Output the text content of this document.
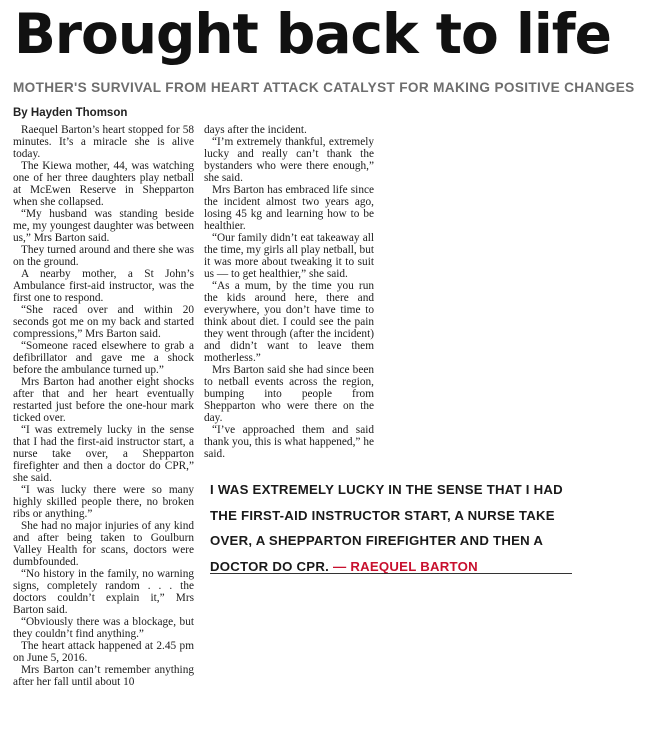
Brought back to life
MOTHER'S SURVIVAL FROM HEART ATTACK CATALYST FOR MAKING POSITIVE CHANGES
By Hayden Thomson

Raequel Barton’s heart stopped for 58 minutes. It’s a miracle she is alive today.

The Kiewa mother, 44, was watching one of her three daughters play netball at McEwen Reserve in Shepparton when she collapsed.

“My husband was standing beside me, my youngest daughter was between us,” Mrs Barton said.

They turned around and there she was on the ground.

A nearby mother, a St John’s Ambulance first-aid instructor, was the first one to respond.

“She raced over and within 20 seconds got me on my back and started compressions,” Mrs Barton said.

“Someone raced elsewhere to grab a defibrillator and gave me a shock before the ambulance turned up.”

Mrs Barton had another eight shocks after that and her heart eventually restarted just before the one-hour mark ticked over.

“I was extremely lucky in the sense that I had the first-aid instructor start, a nurse take over, a Shepparton firefighter and then a doctor do CPR,” she said.

“I was lucky there were so many highly skilled people there, no broken ribs or anything.”

She had no major injuries of any kind and after being taken to Goulburn Valley Health for scans, doctors were dumbfounded.

“No history in the family, no warning signs, completely random . . . the doctors couldn’t explain it,” Mrs Barton said.

“Obviously there was a blockage, but they couldn’t find anything.”

The heart attack happened at 2.45 pm on June 5, 2016.

Mrs Barton can’t remember anything after her fall until about 10

days after the incident.

“I’m extremely thankful, extremely lucky and really can’t thank the bystanders who were there enough,” she said.

Mrs Barton has embraced life since the incident almost two years ago, losing 45 kg and learning how to be healthier.

“Our family didn’t eat takeaway all the time, my girls all play netball, but it was more about tweaking it to suit us — to get healthier,” she said.

“As a mum, by the time you run the kids around here, there and everywhere, you don’t have time to think about diet. I could see the pain they went through (after the incident) and didn’t want to leave them motherless.”

Mrs Barton said she had since been to netball events across the region, bumping into people from Shepparton who were there on the day.

“I’ve approached them and said thank you, this is what happened,” he said.

I WAS EXTREMELY LUCKY IN THE SENSE THAT I HAD THE FIRST-AID INSTRUCTOR START, A NURSE TAKE OVER, A SHEPPARTON FIREFIGHTER AND THEN A DOCTOR DO CPR. — RAEQUEL BARTON
